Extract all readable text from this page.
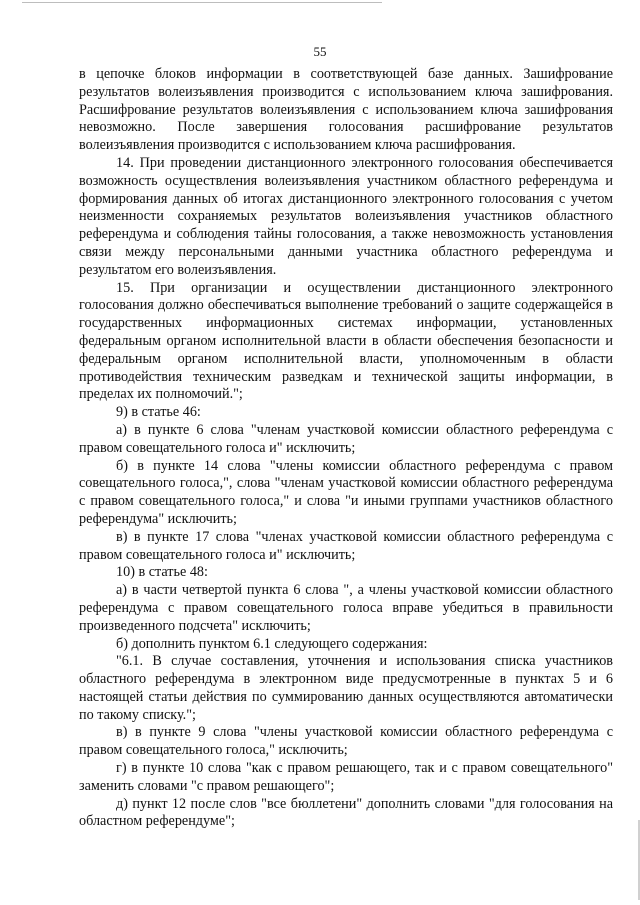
55

в цепочке блоков информации в соответствующей базе данных. Зашифрование результатов волеизъявления производится с использованием ключа зашифрования. Расшифрование результатов волеизъявления с использованием ключа зашифрования невозможно. После завершения голосования расшифрование результатов волеизъявления производится с использованием ключа расшифрования.

14. При проведении дистанционного электронного голосования обеспечивается возможность осуществления волеизъявления участником областного референдума и формирования данных об итогах дистанционного электронного голосования с учетом неизменности сохраняемых результатов волеизъявления участников областного референдума и соблюдения тайны голосования, а также невозможность установления связи между персональными данными участника областного референдума и результатом его волеизъявления.

15. При организации и осуществлении дистанционного электронного голосования должно обеспечиваться выполнение требований о защите содержащейся в государственных информационных системах информации, установленных федеральным органом исполнительной власти в области обеспечения безопасности и федеральным органом исполнительной власти, уполномоченным в области противодействия техническим разведкам и технической защиты информации, в пределах их полномочий.";

9) в статье 46:

а) в пункте 6 слова "членам участковой комиссии областного референдума с правом совещательного голоса и" исключить;

б) в пункте 14 слова "члены комиссии областного референдума с правом совещательного голоса,", слова "членам участковой комиссии областного референдума с правом совещательного голоса," и слова "и иными группами участников областного референдума" исключить;

в) в пункте 17 слова "членах участковой комиссии областного референдума с правом совещательного голоса и" исключить;

10) в статье 48:

а) в части четвертой пункта 6 слова ", а члены участковой комиссии областного референдума с правом совещательного голоса вправе убедиться в правильности произведенного подсчета" исключить;

б) дополнить пунктом 6.1 следующего содержания:

"6.1. В случае составления, уточнения и использования списка участников областного референдума в электронном виде предусмотренные в пунктах 5 и 6 настоящей статьи действия по суммированию данных осуществляются автоматически по такому списку.";

в) в пункте 9 слова "члены участковой комиссии областного референдума с правом совещательного голоса," исключить;

г) в пункте 10 слова "как с правом решающего, так и с правом совещательного" заменить словами "с правом решающего";

д) пункт 12 после слов "все бюллетени" дополнить словами "для голосования на областном референдуме";
